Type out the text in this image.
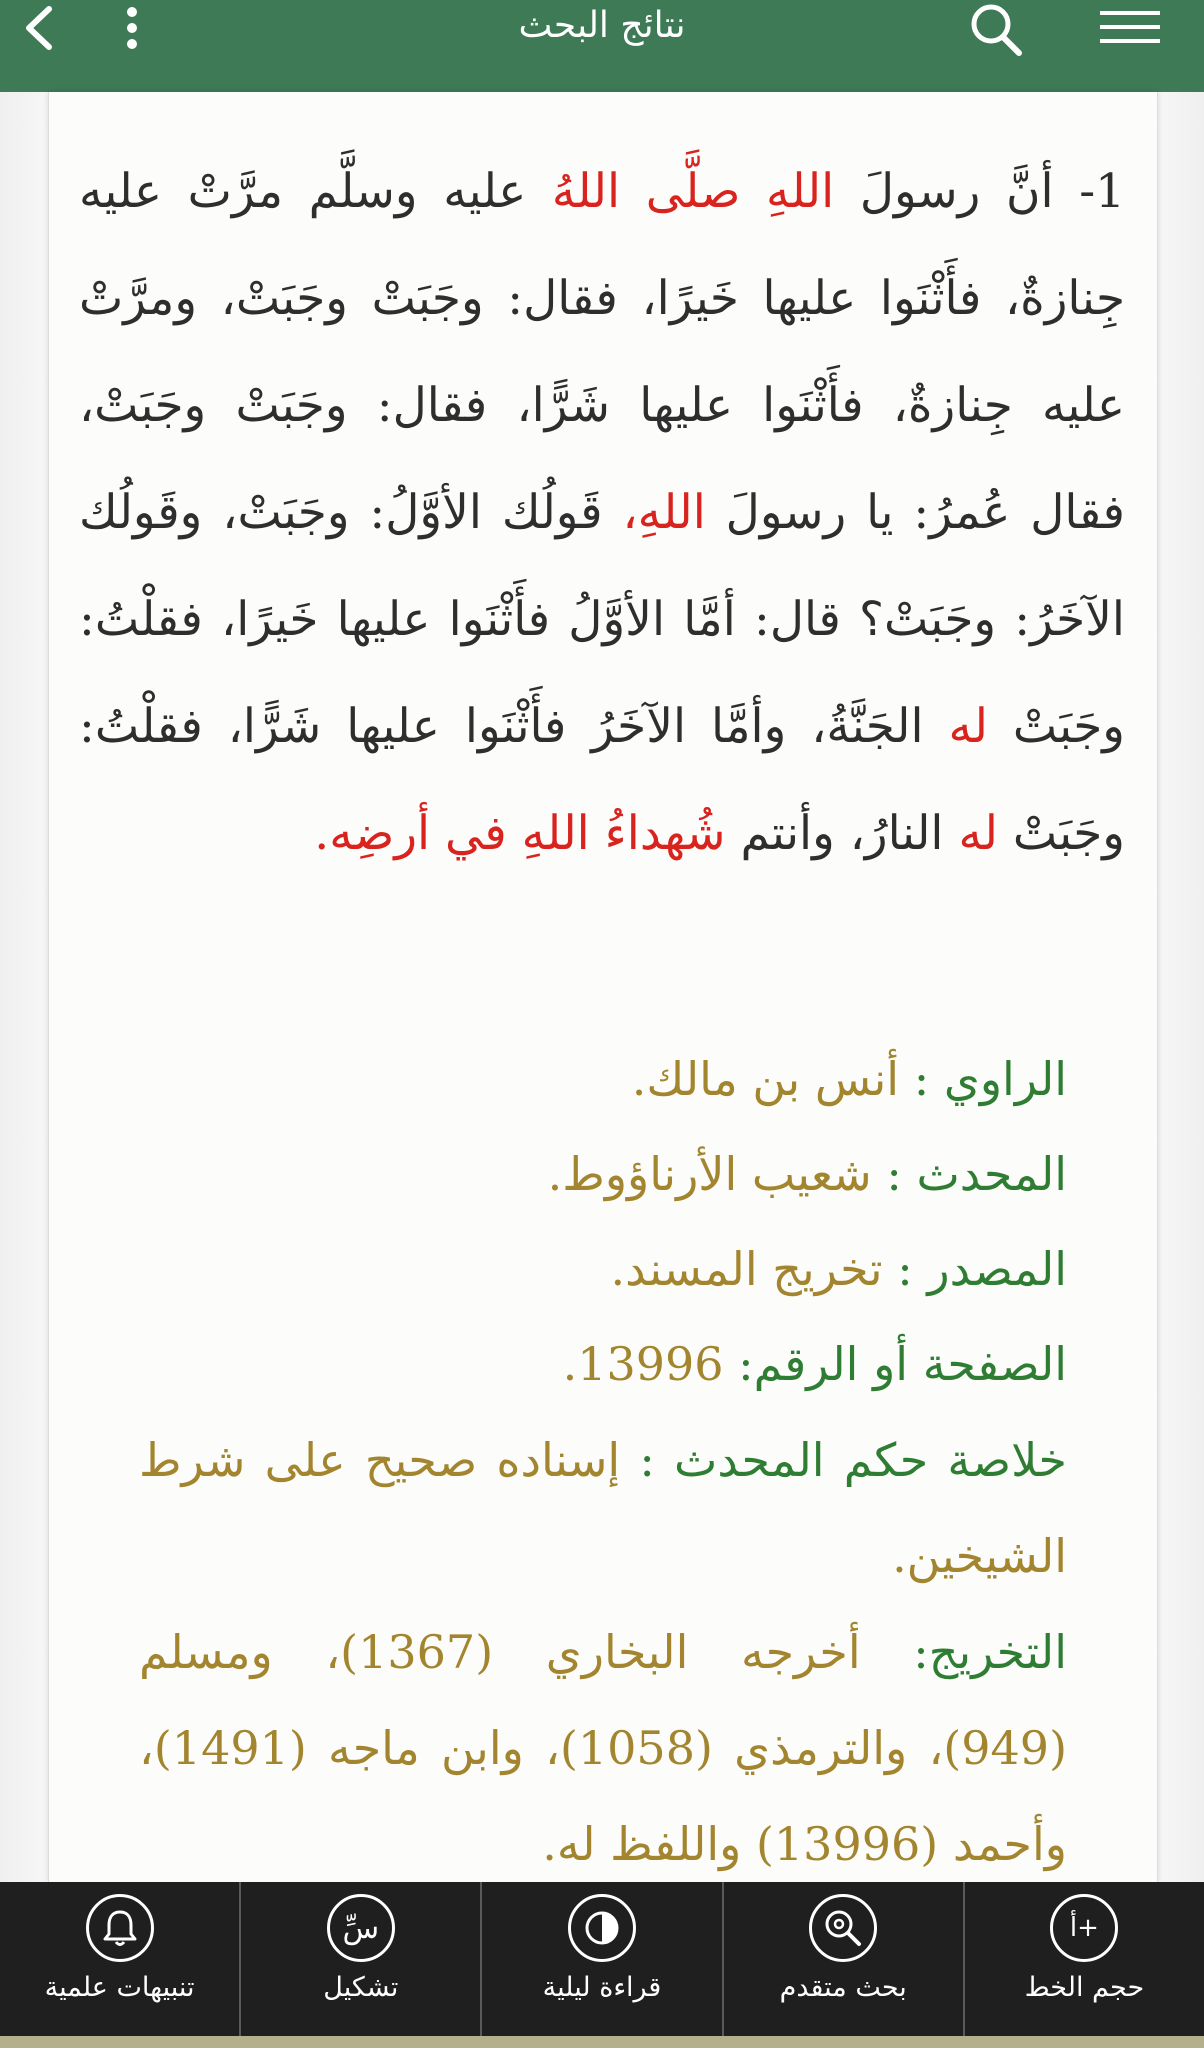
نتائج البحث
1- أنَّ رسولَ اللهِ صلَّى اللهُ عليه وسلَّم مرَّتْ عليه جِنازةٌ، فأَثْنَوا عليها خَيرًا، فقال: وجَبَتْ وجَبَتْ، ومرَّتْ عليه جِنازةٌ، فأَثْنَوا عليها شَرًّا، فقال: وجَبَتْ وجَبَتْ، فقال عُمرُ: يا رسولَ اللهِ، قَولُك الأوَّلُ: وجَبَتْ، وقَولُك الآخَرُ: وجَبَتْ؟ قال: أمَّا الأوَّلُ فأَثْنَوا عليها خَيرًا، فقلْتُ: وجَبَتْ له الجَنَّةُ، وأمَّا الآخَرُ فأَثْنَوا عليها شَرًّا، فقلْتُ: وجَبَتْ له النارُ، وأنتم شُهداءُ اللهِ في أرضِه.
الراوي : أنس بن مالك.
المحدث : شعيب الأرناؤوط.
المصدر : تخريج المسند.
الصفحة أو الرقم: 13996.
خلاصة حكم المحدث : إسناده صحيح على شرط الشيخين.
التخريج: أخرجه البخاري (1367)، ومسلم (949)، والترمذي (1058)، وابن ماجه (1491)، وأحمد (13996) واللفظ له.
تنبيهات علمية
سِّ
تشكيل	قراءة ليلية	بحث متقدم
أ+
حجم الخط
